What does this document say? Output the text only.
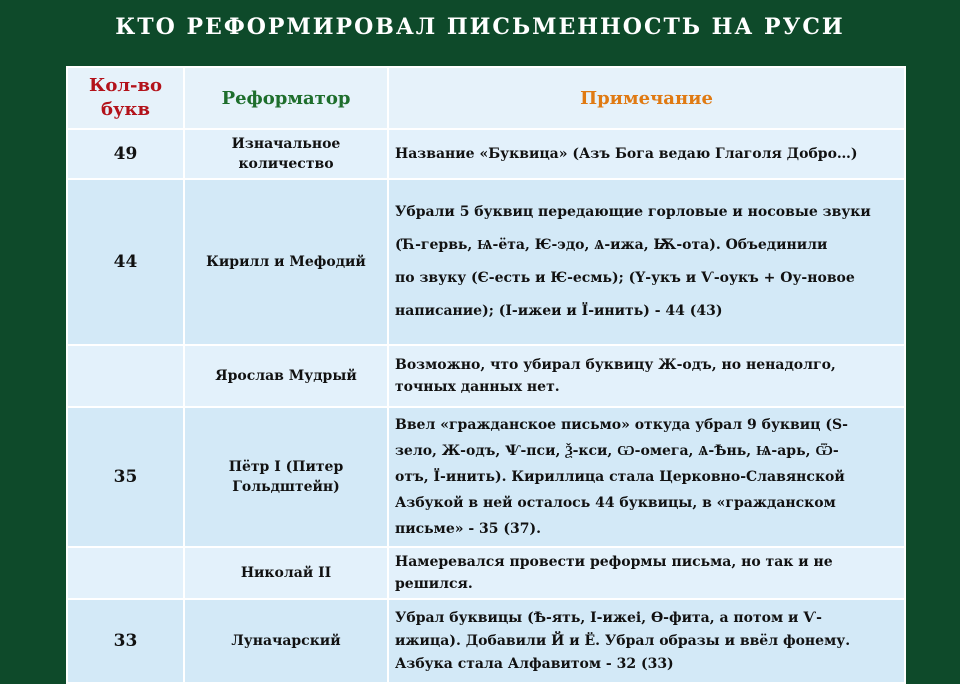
КТО РЕФОРМИРОВАЛ ПИСЬМЕННОСТЬ НА РУСИ
Кол-во букв	Реформатор	Примечание
49	Изначальное количество	Название «Буквица» (Азъ Бога ведаю Глаголя Добро…)

44	Кирилл и Мефодий	Убрали 5 буквиц передающие горловые и носовые звуки
(Ћ-гервь, Ѩ-ёта, Ѥ-эдо, Ѧ-ижа, Ѭ-ота). Объединили
по звуку (Є-есть и Ѥ-есмь); (Ү-укъ и Ѵ-оукъ + Оу-новое
написание); (І-ижеи и Ї-инить) - 44 (43)

	Ярослав Мудрый	Возможно, что убирал буквицу Ж-одъ, но ненадолго,
точных данных нет.

35	Пётр I (Питер Гольдштейн)	Ввел «гражданское письмо» откуда убрал 9 буквиц (Ѕ-
зело, Ж-одъ, Ѱ-пси, Ѯ-кси, Ѡ-омега, Ѧ-Ѣнь, Ѩ-арь, Ѿ-
отъ, Ї-инить). Кириллица стала Церковно-Славянской
Азбукой в ней осталось 44 буквицы, в «гражданском
письме» - 35 (37).

	Николай II	Намеревался провести реформы письма, но так и не
решился.

33	Луначарский	Убрал буквицы (Ѣ-ять, І-ижеі, Ѳ-фита, а потом и Ѵ-
ижица). Добавили Й и Ё. Убрал образы и ввёл фонему.
Азбука стала Алфавитом - 32 (33)
